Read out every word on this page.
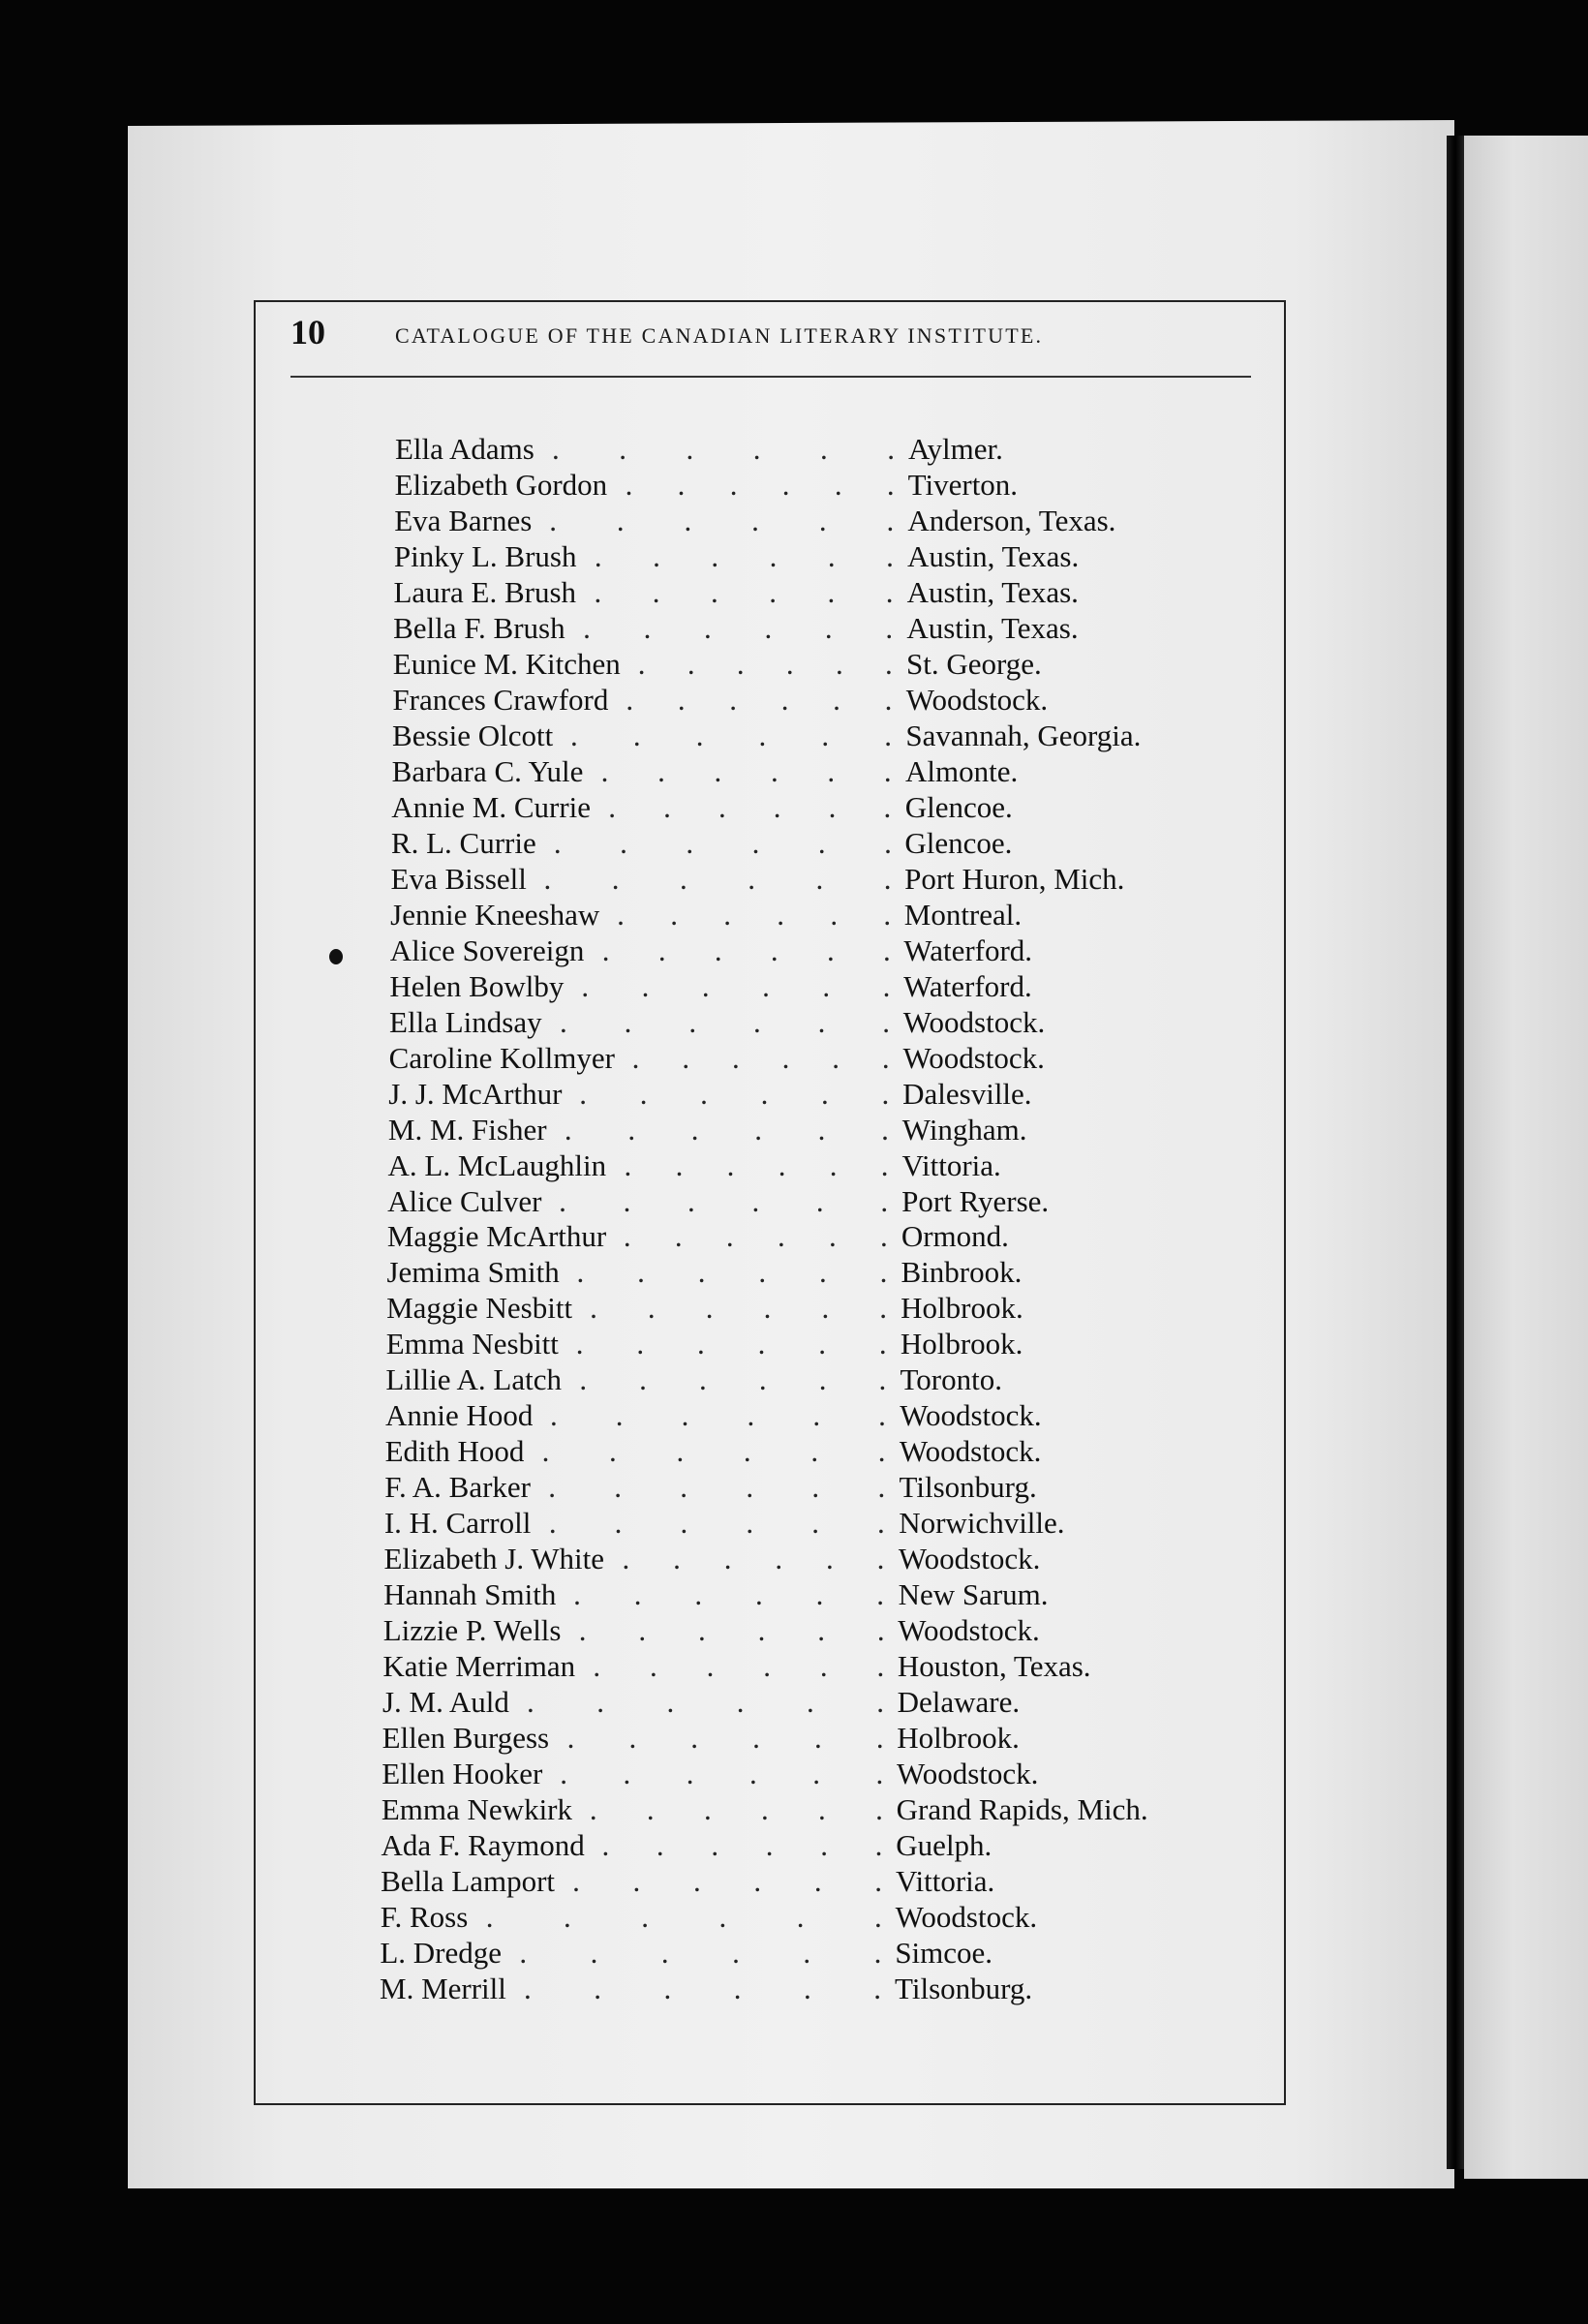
10	CATALOGUE OF THE CANADIAN LITERARY INSTITUTE.
Ella Adams . . . . . . Aylmer.
Elizabeth Gordon . . . . . . Tiverton.
Eva Barnes . . . . . . Anderson, Texas.
Pinky L. Brush . . . . . . Austin, Texas.
Laura E. Brush . . . . . . Austin, Texas.
Bella F. Brush . . . . . . Austin, Texas.
Eunice M. Kitchen . . . . . . St. George.
Frances Crawford . . . . . . Woodstock.
Bessie Olcott . . . . . . Savannah, Georgia.
Barbara C. Yule . . . . . . Almonte.
Annie M. Currie . . . . . . Glencoe.
R. L. Currie . . . . . . Glencoe.
Eva Bissell . . . . . . Port Huron, Mich.
Jennie Kneeshaw . . . . . . Montreal.
Alice Sovereign . . . . . . Waterford.
Helen Bowlby . . . . . . Waterford.
Ella Lindsay . . . . . . Woodstock.
Caroline Kollmyer . . . . . . Woodstock.
J. J. McArthur . . . . . . Dalesville.
M. M. Fisher . . . . . . Wingham.
A. L. McLaughlin . . . . . . Vittoria.
Alice Culver . . . . . . Port Ryerse.
Maggie McArthur . . . . . . Ormond.
Jemima Smith . . . . . . Binbrook.
Maggie Nesbitt . . . . . . Holbrook.
Emma Nesbitt . . . . . . Holbrook.
Lillie A. Latch . . . . . . Toronto.
Annie Hood . . . . . . Woodstock.
Edith Hood . . . . . . Woodstock.
F. A. Barker . . . . . . Tilsonburg.
I. H. Carroll . . . . . . Norwichville.
Elizabeth J. White . . . . . . Woodstock.
Hannah Smith . . . . . . New Sarum.
Lizzie P. Wells . . . . . . Woodstock.
Katie Merriman . . . . . . Houston, Texas.
J. M. Auld . . . . . . Delaware.
Ellen Burgess . . . . . . Holbrook.
Ellen Hooker . . . . . . Woodstock.
Emma Newkirk . . . . . . Grand Rapids, Mich.
Ada F. Raymond . . . . . . Guelph.
Bella Lamport . . . . . . Vittoria.
F. Ross . . . . . . Woodstock.
L. Dredge . . . . . . Simcoe.
M. Merrill . . . . . . Tilsonburg.
